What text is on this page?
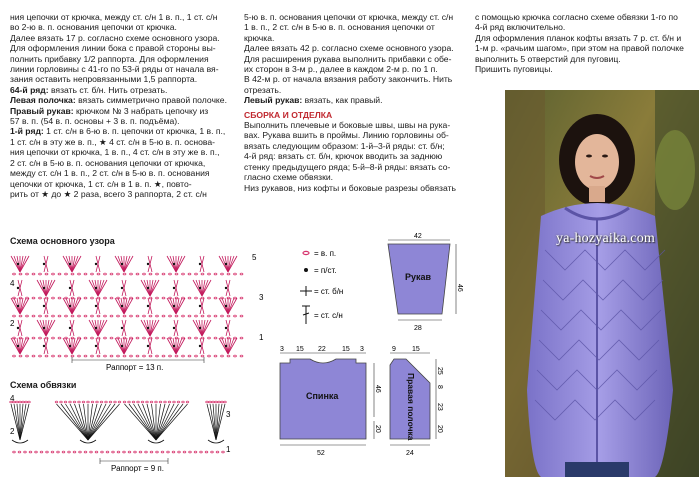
ния цепочки от крючка, между ст. с/н 1 в. п., 1 ст. с/н

во 2-ю в. п. основания цепочки от крючка.

Далее вязать 17 р. согласно схеме основного узора.

Для оформления линии бока с правой стороны вы-

полнить прибавку 1/2 раппорта. Для оформления

линии горловины с 41-го по 53-й ряды от начала вя-

зания оставить непровязанными 1,5 раппорта.

64-й ряд: вязать ст. б/н. Нить отрезать.

Левая полочка: вязать симметрично правой полочке.

Правый рукав: крючком № 3 набрать цепочку из

57 в. п. (54 в. п. основы + 3 в. п. подъёма).

1-й ряд: 1 ст. с/н в 6-ю в. п. цепочки от крючка, 1 в. п.,

1 ст. с/н в эту же в. п., ★ 4 ст. с/н в 5-ю в. п. основа-

ния цепочки от крючка, 1 в. п., 4 ст. с/н в эту же в. п.,

2 ст. с/н в 5-ю в. п. основания цепочки от крючка,

между ст. с/н 1 в. п., 2 ст. с/н в 5-ю в. п. основания

цепочки от крючка, 1 ст. с/н в 1 в. п. ★, повто-

рить от ★ до ★ 2 раза, всего 3 раппорта, 2 ст. с/н

5-ю в. п. основания цепочки от крючка, между ст. с/н

1 в. п., 2 ст. с/н в 5-ю в. п. основания цепочки от

крючка.

Далее вязать 42 р. согласно схеме основного узора.

Для расширения рукава выполнить прибавки с обе-

их сторон в 3-м р., далее в каждом 2-м р. по 1 п.

В 42-м р. от начала вязания работу закончить. Нить

отрезать.

Левый рукав: вязать, как правый.

СБОРКА И ОТДЕЛКА

Выполнить плечевые и боковые швы, швы на рука-

вах. Рукава вшить в проймы. Линию горловины об-

вязать следующим образом: 1-й–3-й ряды: ст. б/н;

4-й ряд: вязать ст. б/н, крючок вводить за заднюю

стенку предыдущего ряда; 5-й–8-й ряды: вязать со-

гласно схеме обвязки.

Низ рукавов, низ кофты и боковые разрезы обвязать

с помощью крючка согласно схеме обвязки 1-го по

4-й ряд включительно.

Для оформления планок кофты вязать 7 р. ст. б/н и

1-м р. «рачьим шагом», при этом на правой полочке

выполнить 5 отверстий для пуговиц.

Пришить пуговицы.

Схема основного узора
5
4
3
2
1
Раппорт = 13 п.
Схема обвязки
4
3
2
1
Раппорт = 9 п.
= в. п.
= п/ст.
= ст. б/н
= ст. с/н
42
Рукав
46
28
3 15 22 15 3
Спинка
46
20
52
9 15
Правая полочка
25
8
23
20
24
ya-hozyaika.com
